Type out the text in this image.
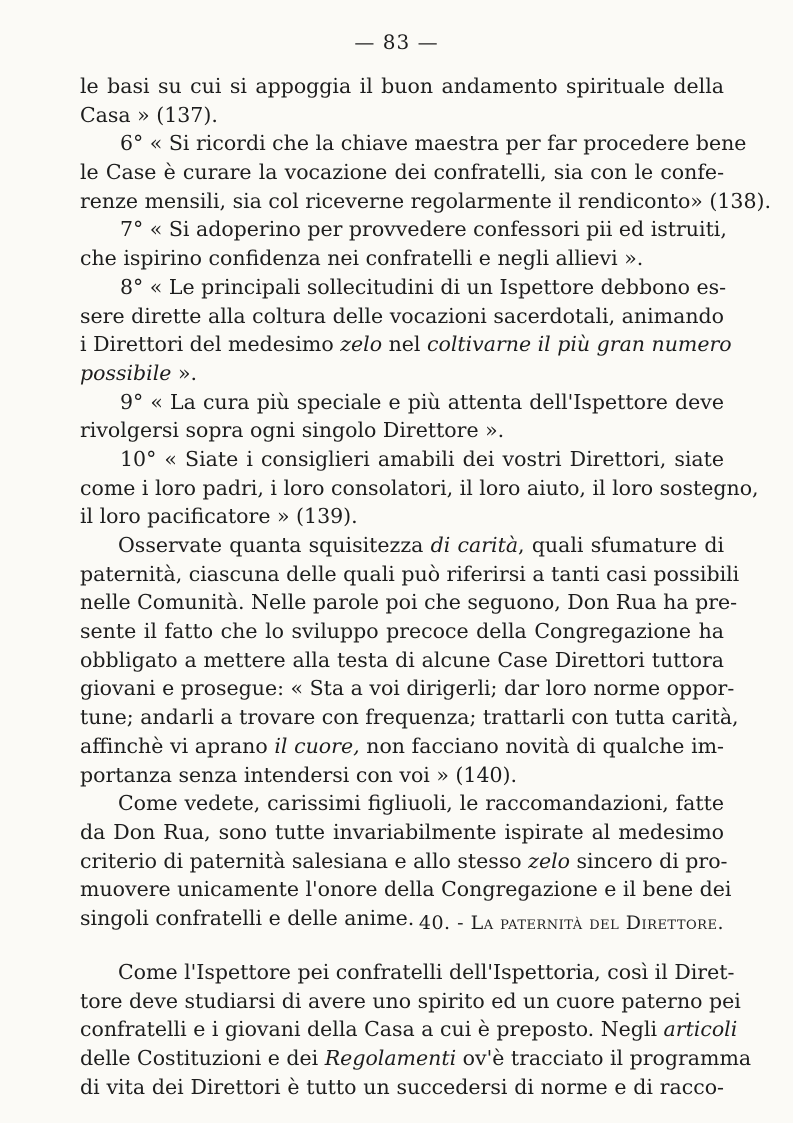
— 83 —
le basi su cui si appoggia il buon andamento spirituale della
Casa » (137).
6° « Si ricordi che la chiave maestra per far procedere bene
le Case è curare la vocazione dei confratelli, sia con le confe-
renze mensili, sia col riceverne regolarmente il rendiconto» (138).
7° « Si adoperino per provvedere confessori pii ed istruiti,
che ispirino confidenza nei confratelli e negli allievi ».
8° « Le principali sollecitudini di un Ispettore debbono es-
sere dirette alla coltura delle vocazioni sacerdotali, animando
i Direttori del medesimo zelo nel coltivarne il più gran numero
possibile ».
9° « La cura più speciale e più attenta dell'Ispettore deve
rivolgersi sopra ogni singolo Direttore ».
10° « Siate i consiglieri amabili dei vostri Direttori, siate
come i loro padri, i loro consolatori, il loro aiuto, il loro sostegno,
il loro pacificatore » (139).
Osservate quanta squisitezza di carità, quali sfumature di
paternità, ciascuna delle quali può riferirsi a tanti casi possibili
nelle Comunità. Nelle parole poi che seguono, Don Rua ha pre-
sente il fatto che lo sviluppo precoce della Congregazione ha
obbligato a mettere alla testa di alcune Case Direttori tuttora
giovani e prosegue: « Sta a voi dirigerli; dar loro norme oppor-
tune; andarli a trovare con frequenza; trattarli con tutta carità,
affinchè vi aprano il cuore, non facciano novità di qualche im-
portanza senza intendersi con voi » (140).
Come vedete, carissimi figliuoli, le raccomandazioni, fatte
da Don Rua, sono tutte invariabilmente ispirate al medesimo
criterio di paternità salesiana e allo stesso zelo sincero di pro-
muovere unicamente l'onore della Congregazione e il bene dei
singoli confratelli e delle anime. 40. - La paternità del Direttore.
Come l'Ispettore pei confratelli dell'Ispettoria, così il Diret-
tore deve studiarsi di avere uno spirito ed un cuore paterno pei
confratelli e i giovani della Casa a cui è preposto. Negli articoli
delle Costituzioni e dei Regolamenti ov'è tracciato il programma
di vita dei Direttori è tutto un succedersi di norme e di racco-
